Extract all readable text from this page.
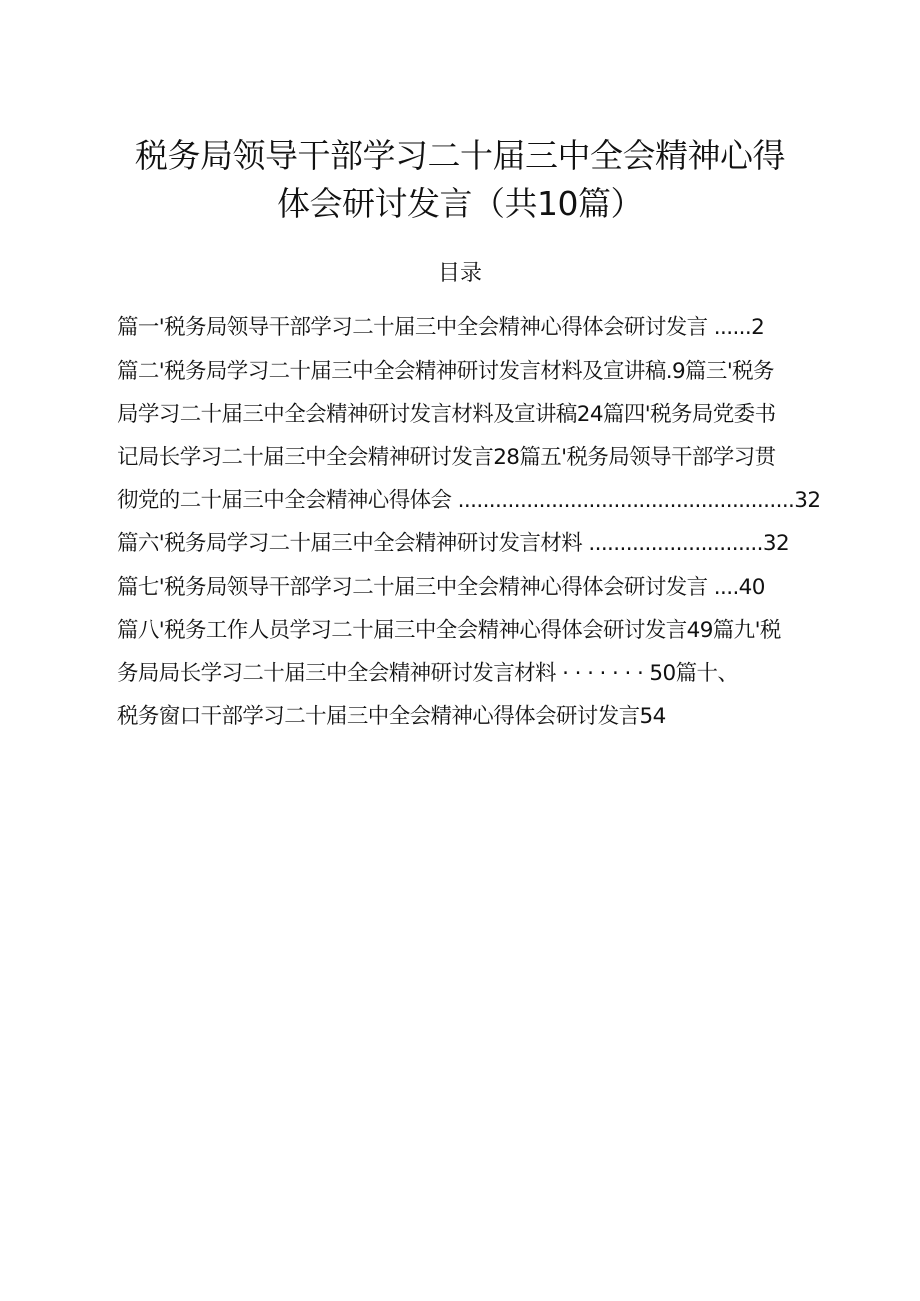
税务局领导干部学习二十届三中全会精神心得
体会研讨发言（共10篇）
目录
篇一'税务局领导干部学习二十届三中全会精神心得体会研讨发言 ......2
篇二'税务局学习二十届三中全会精神研讨发言材料及宣讲稿.9篇三'税务
局学习二十届三中全会精神研讨发言材料及宣讲稿24篇四'税务局党委书
记局长学习二十届三中全会精神研讨发言28篇五'税务局领导干部学习贯
彻党的二十届三中全会精神心得体会 ......................................................32
篇六'税务局学习二十届三中全会精神研讨发言材料 ............................32
篇七'税务局领导干部学习二十届三中全会精神心得体会研讨发言 ....40
篇八'税务工作人员学习二十届三中全会精神心得体会研讨发言49篇九'税
务局局长学习二十届三中全会精神研讨发言材料 · · · · · · · 50篇十、
税务窗口干部学习二十届三中全会精神心得体会研讨发言54
